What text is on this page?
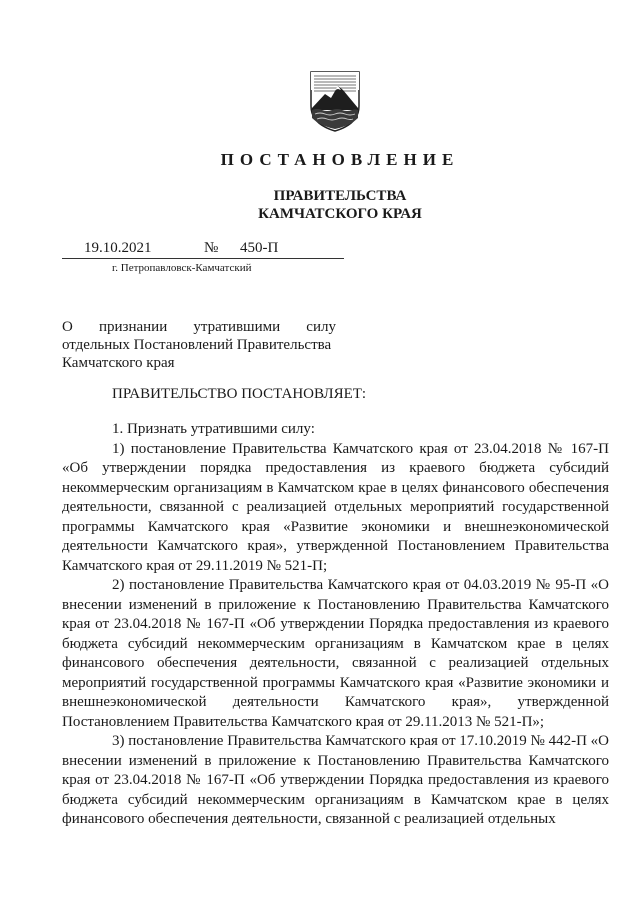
ПОСТАНОВЛЕНИЕ
ПРАВИТЕЛЬСТВА
КАМЧАТСКОГО КРАЯ
19.10.2021	№ 450-П
г. Петропавловск-Камчатский
О признании утратившими силу
отдельных Постановлений Правительства
Камчатского края
ПРАВИТЕЛЬСТВО ПОСТАНОВЛЯЕТ:

1. Признать утратившими силу:

1) постановление Правительства Камчатского края от 23.04.2018 № 167-П «Об утверждении порядка предоставления из краевого бюджета субсидий некоммерческим организациям в Камчатском крае в целях финансового обеспечения деятельности, связанной с реализацией отдельных мероприятий государственной программы Камчатского края «Развитие экономики и внешнеэкономической деятельности Камчатского края», утвержденной Постановлением Правительства Камчатского края от 29.11.2019 № 521-П;

2) постановление Правительства Камчатского края от 04.03.2019 № 95-П «О внесении изменений в приложение к Постановлению Правительства Камчатского края от 23.04.2018 № 167-П «Об утверждении Порядка предоставления из краевого бюджета субсидий некоммерческим организациям в Камчатском крае в целях финансового обеспечения деятельности, связанной с реализацией отдельных мероприятий государственной программы Камчатского края «Развитие экономики и внешнеэкономической деятельности Камчатского края», утвержденной Постановлением Правительства Камчатского края от 29.11.2013 № 521-П»;

3) постановление Правительства Камчатского края от 17.10.2019 № 442-П «О внесении изменений в приложение к Постановлению Правительства Камчатского края от 23.04.2018 № 167-П «Об утверждении Порядка предоставления из краевого бюджета субсидий некоммерческим организациям в Камчатском крае в целях финансового обеспечения деятельности, связанной с реализацией отдельных
